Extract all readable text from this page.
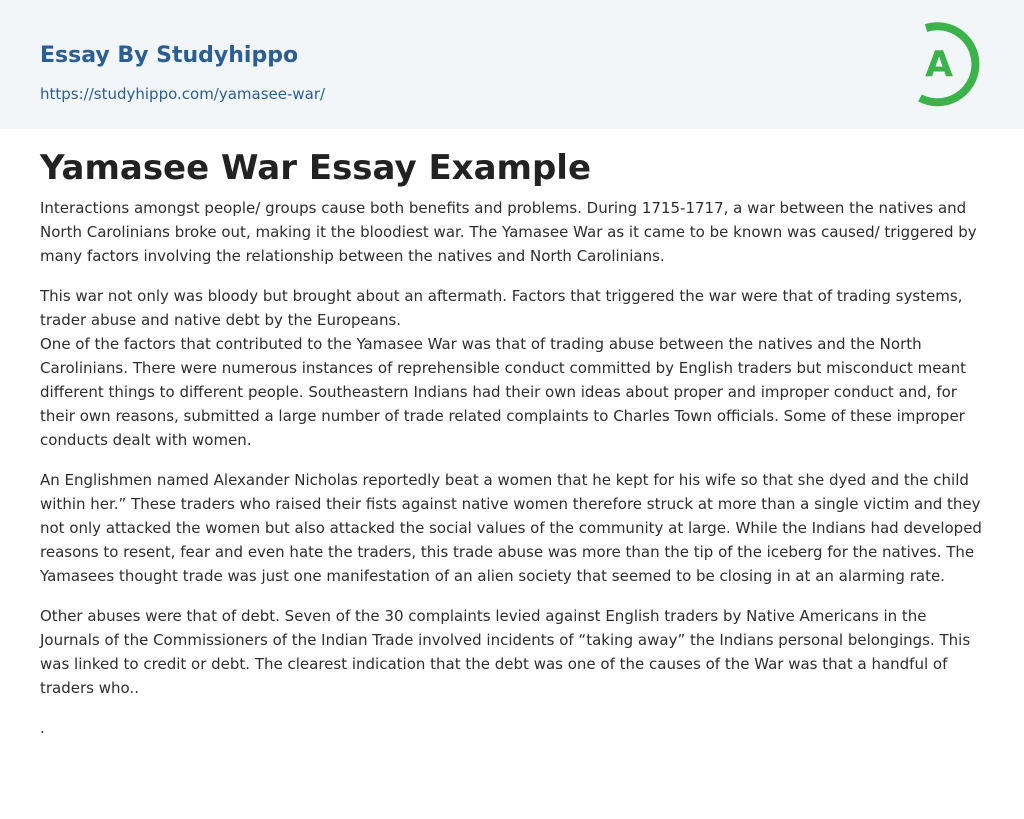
Essay By Studyhippo
https://studyhippo.com/yamasee-war/
A
Yamasee War Essay Example

Interactions amongst people/ groups cause both benefits and problems. During 1715-1717, a war between the natives and North Carolinians broke out, making it the bloodiest war. The Yamasee War as it came to be known was caused/ triggered by many factors involving the relationship between the natives and North Carolinians.

This war not only was bloody but brought about an aftermath. Factors that triggered the war were that of trading systems, trader abuse and native debt by the Europeans.

One of the factors that contributed to the Yamasee War was that of trading abuse between the natives and the North Carolinians. There were numerous instances of reprehensible conduct committed by English traders but misconduct meant different things to different people. Southeastern Indians had their own ideas about proper and improper conduct and, for their own reasons, submitted a large number of trade related complaints to Charles Town officials. Some of these improper conducts dealt with women.

An Englishmen named Alexander Nicholas reportedly beat a women that he kept for his wife so that she dyed and the child within her.” These traders who raised their fists against native women therefore struck at more than a single victim and they not only attacked the women but also attacked the social values of the community at large. While the Indians had developed reasons to resent, fear and even hate the traders, this trade abuse was more than the tip of the iceberg for the natives. The Yamasees thought trade was just one manifestation of an alien society that seemed to be closing in at an alarming rate.

Other abuses were that of debt. Seven of the 30 complaints levied against English traders by Native Americans in the Journals of the Commissioners of the Indian Trade involved incidents of “taking away” the Indians personal belongings. This was linked to credit or debt. The clearest indication that the debt was one of the causes of the War was that a handful of traders who..

.
